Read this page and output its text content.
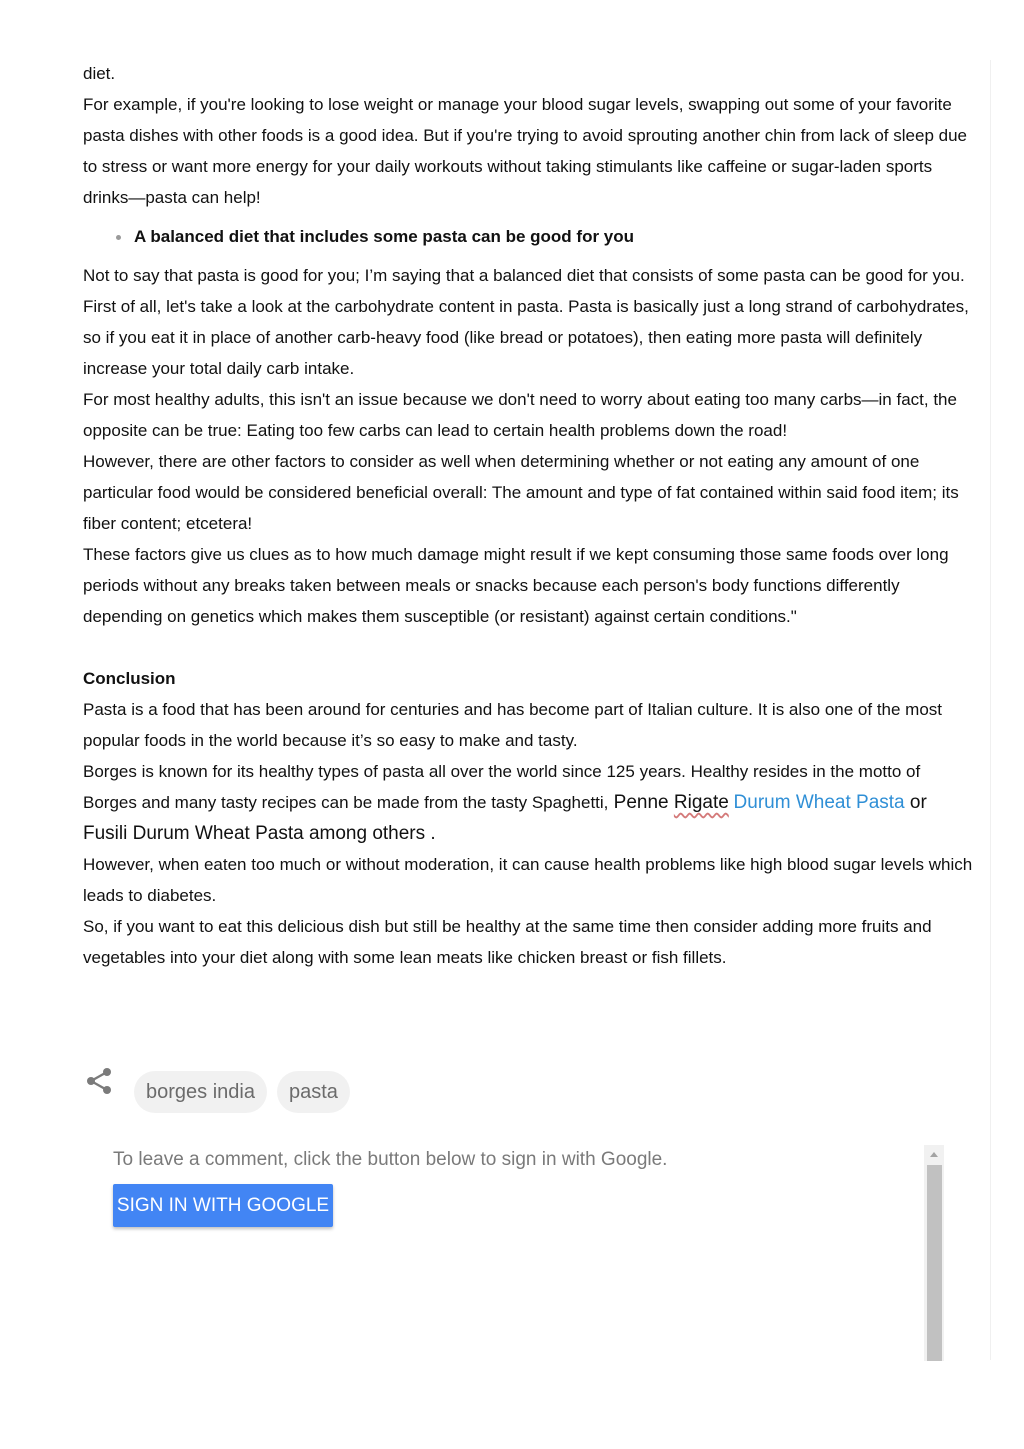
diet.

For example, if you're looking to lose weight or manage your blood sugar levels, swapping out some of your favorite pasta dishes with other foods is a good idea. But if you're trying to avoid sprouting another chin from lack of sleep due to stress or want more energy for your daily workouts without taking stimulants like caffeine or sugar-laden sports drinks—pasta can help!

A balanced diet that includes some pasta can be good for you

Not to say that pasta is good for you; I’m saying that a balanced diet that consists of some pasta can be good for you.

First of all, let's take a look at the carbohydrate content in pasta. Pasta is basically just a long strand of carbohydrates, so if you eat it in place of another carb-heavy food (like bread or potatoes), then eating more pasta will definitely increase your total daily carb intake.

For most healthy adults, this isn't an issue because we don't need to worry about eating too many carbs—in fact, the opposite can be true: Eating too few carbs can lead to certain health problems down the road!

However, there are other factors to consider as well when determining whether or not eating any amount of one particular food would be considered beneficial overall: The amount and type of fat contained within said food item; its fiber content; etcetera!

These factors give us clues as to how much damage might result if we kept consuming those same foods over long periods without any breaks taken between meals or snacks because each person's body functions differently depending on genetics which makes them susceptible (or resistant) against certain conditions."

Conclusion

Pasta is a food that has been around for centuries and has become part of Italian culture. It is also one of the most popular foods in the world because it’s so easy to make and tasty.

Borges is known for its healthy types of pasta all over the world since 125 years. Healthy resides in the motto of Borges and many tasty recipes can be made from the tasty Spaghetti, Penne Rigate Durum Wheat Pasta or
Fusili Durum Wheat Pasta among others .

However, when eaten too much or without moderation, it can cause health problems like high blood sugar levels which leads to diabetes.

So, if you want to eat this delicious dish but still be healthy at the same time then consider adding more fruits and vegetables into your diet along with some lean meats like chicken breast or fish fillets.

borges india	pasta
To leave a comment, click the button below to sign in with Google.
SIGN IN WITH GOOGLE
